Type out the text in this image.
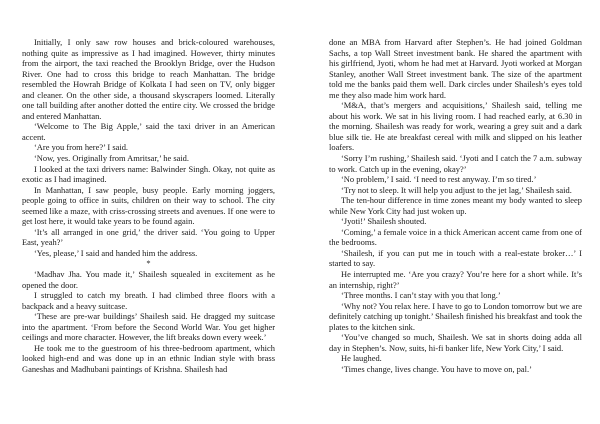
Initially, I only saw row houses and brick-coloured warehouses, nothing quite as impressive as I had imagined. However, thirty minutes from the airport, the taxi reached the Brooklyn Bridge, over the Hudson River. One had to cross this bridge to reach Manhattan. The bridge resembled the Howrah Bridge of Kolkata I had seen on TV, only bigger and cleaner. On the other side, a thousand skyscrapers loomed. Literally one tall building after another dotted the entire city. We crossed the bridge and entered Manhattan.

‘Welcome to The Big Apple,’ said the taxi driver in an American accent.

‘Are you from here?’ I said.

‘Now, yes. Originally from Amritsar,’ he said.

I looked at the taxi drivers name: Balwinder Singh. Okay, not quite as exotic as I had imagined.

In Manhattan, I saw people, busy people. Early morning joggers, people going to office in suits, children on their way to school. The city seemed like a maze, with criss-crossing streets and avenues. If one were to get lost here, it would take years to be found again.

‘It’s all arranged in one grid,’ the driver said. ‘You going to Upper East, yeah?’

‘Yes, please,’ I said and handed him the address.

*

‘Madhav Jha. You made it,’ Shailesh squealed in excitement as he opened the door.

I struggled to catch my breath. I had climbed three floors with a backpack and a heavy suitcase.

‘These are pre-war buildings’ Shailesh said. He dragged my suitcase into the apartment. ‘From before the Second World War. You get higher ceilings and more character. However, the lift breaks down every week.’

He took me to the guestroom of his three-bedroom apartment, which looked high-end and was done up in an ethnic Indian style with brass Ganeshas and Madhubani paintings of Krishna. Shailesh had

done an MBA from Harvard after Stephen’s. He had joined Goldman Sachs, a top Wall Street investment bank. He shared the apartment with his girlfriend, Jyoti, whom he had met at Harvard. Jyoti worked at Morgan Stanley, another Wall Street investment bank. The size of the apartment told me the banks paid them well. Dark circles under Shailesh’s eyes told me they also made him work hard.

‘M&A, that’s mergers and acquisitions,’ Shailesh said, telling me about his work. We sat in his living room. I had reached early, at 6.30 in the morning. Shailesh was ready for work, wearing a grey suit and a dark blue silk tie. He ate breakfast cereal with milk and slipped on his leather loafers.

‘Sorry I’m rushing,’ Shailesh said. ‘Jyoti and I catch the 7 a.m. subway to work. Catch up in the evening, okay?’

‘No problem,’ I said. ‘I need to rest anyway. I’m so tired.’

‘Try not to sleep. It will help you adjust to the jet lag,’ Shailesh said.

The ten-hour difference in time zones meant my body wanted to sleep while New York City had just woken up.

‘Jyoti!’ Shailesh shouted.

‘Coming,’ a female voice in a thick American accent came from one of the bedrooms.

‘Shailesh, if you can put me in touch with a real-estate broker…’ I started to say.

He interrupted me. ‘Are you crazy? You’re here for a short while. It’s an internship, right?’

‘Three months. I can’t stay with you that long.’

‘Why not? You relax here. I have to go to London tomorrow but we are definitely catching up tonight.’ Shailesh finished his breakfast and took the plates to the kitchen sink.

‘You’ve changed so much, Shailesh. We sat in shorts doing adda all day in Stephen’s. Now, suits, hi-fi banker life, New York City,’ I said.

He laughed.

‘Times change, lives change. You have to move on, pal.’
